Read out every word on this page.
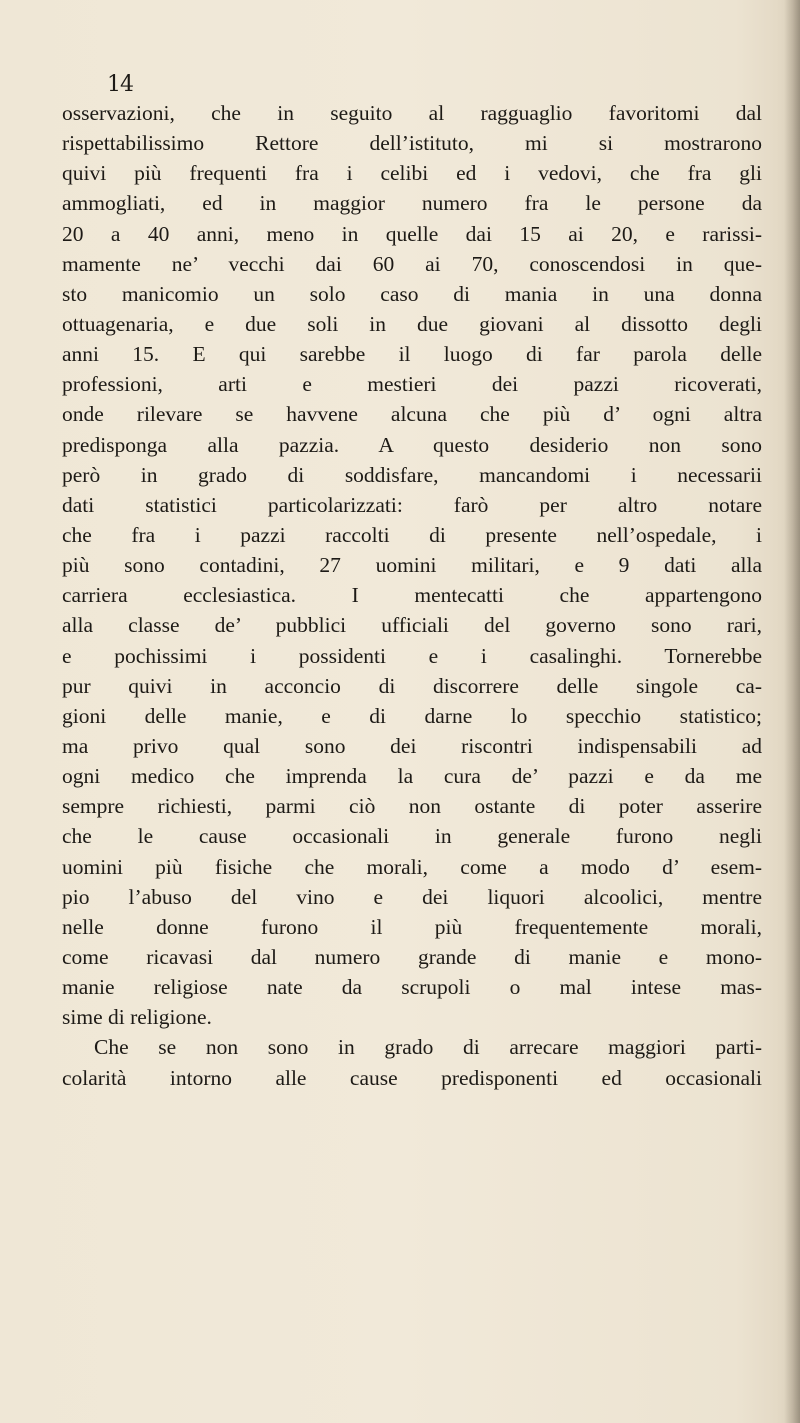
14
osservazioni, che in seguito al ragguaglio favoritomi dal
rispettabilissimo Rettore dell’istituto, mi si mostrarono
quivi più frequenti fra i celibi ed i vedovi, che fra gli
ammogliati, ed in maggior numero fra le persone da
20 a 40 anni, meno in quelle dai 15 ai 20, e rarissi-
mamente ne’ vecchi dai 60 ai 70, conoscendosi in que-
sto manicomio un solo caso di mania in una donna
ottuagenaria, e due soli in due giovani al dissotto degli
anni 15. E qui sarebbe il luogo di far parola delle
professioni, arti e mestieri dei pazzi ricoverati,
onde rilevare se havvene alcuna che più d’ ogni altra
predisponga alla pazzia. A questo desiderio non sono
però in grado di soddisfare, mancandomi i necessarii
dati statistici particolarizzati: farò per altro notare
che fra i pazzi raccolti di presente nell’ospedale, i
più sono contadini, 27 uomini militari, e 9 dati alla
carriera ecclesiastica. I mentecatti che appartengono
alla classe de’ pubblici ufficiali del governo sono rari,
e pochissimi i possidenti e i casalinghi. Tornerebbe
pur quivi in acconcio di discorrere delle singole ca-
gioni delle manie, e di darne lo specchio statistico;
ma privo qual sono dei riscontri indispensabili ad
ogni medico che imprenda la cura de’ pazzi e da me
sempre richiesti, parmi ciò non ostante di poter asserire
che le cause occasionali in generale furono negli
uomini più fisiche che morali, come a modo d’ esem-
pio l’abuso del vino e dei liquori alcoolici, mentre
nelle donne furono il più frequentemente morali,
come ricavasi dal numero grande di manie e mono-
manie religiose nate da scrupoli o mal intese mas-
sime di religione.
Che se non sono in grado di arrecare maggiori parti-
colarità intorno alle cause predisponenti ed occasionali
